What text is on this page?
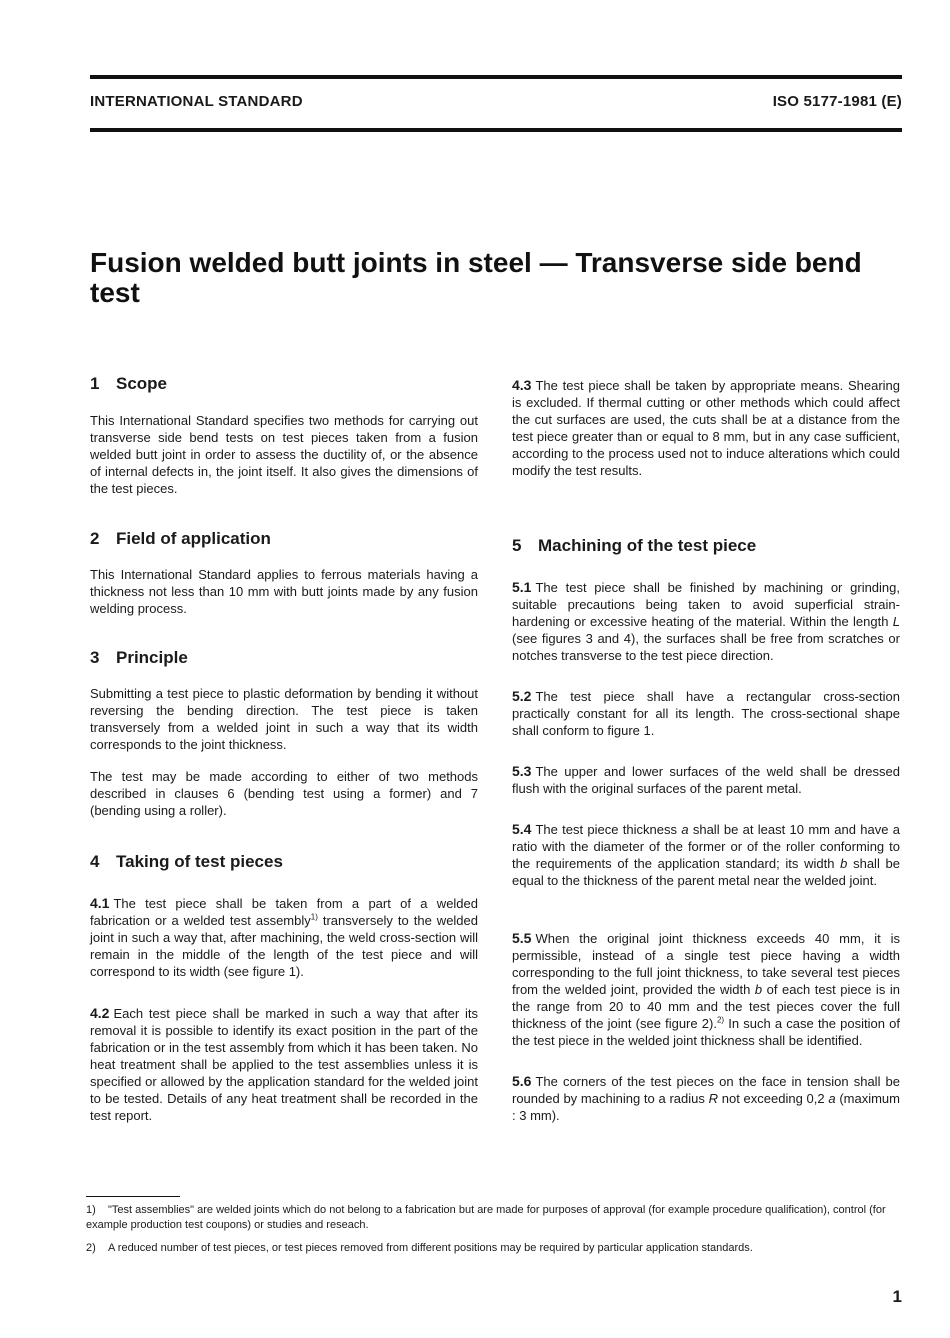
INTERNATIONAL STANDARD	ISO 5177-1981 (E)
Fusion welded butt joints in steel — Transverse side bend test
1 Scope

This International Standard specifies two methods for carrying out transverse side bend tests on test pieces taken from a fusion welded butt joint in order to assess the ductility of, or the absence of internal defects in, the joint itself. It also gives the dimensions of the test pieces.

2 Field of application

This International Standard applies to ferrous materials having a thickness not less than 10 mm with butt joints made by any fusion welding process.

3 Principle

Submitting a test piece to plastic deformation by bending it without reversing the bending direction. The test piece is taken transversely from a welded joint in such a way that its width corresponds to the joint thickness.

The test may be made according to either of two methods described in clauses 6 (bending test using a former) and 7 (bending using a roller).

4 Taking of test pieces

4.1 The test piece shall be taken from a part of a welded fabrication or a welded test assembly$^{1)}$ transversely to the welded joint in such a way that, after machining, the weld cross-section will remain in the middle of the length of the test piece and will correspond to its width (see figure 1).

4.2 Each test piece shall be marked in such a way that after its removal it is possible to identify its exact position in the part of the fabrication or in the test assembly from which it has been taken. No heat treatment shall be applied to the test assemblies unless it is specified or allowed by the application standard for the welded joint to be tested. Details of any heat treatment shall be recorded in the test report.

4.3 The test piece shall be taken by appropriate means. Shearing is excluded. If thermal cutting or other methods which could affect the cut surfaces are used, the cuts shall be at a distance from the test piece greater than or equal to 8 mm, but in any case sufficient, according to the process used not to induce alterations which could modify the test results.

5 Machining of the test piece

5.1 The test piece shall be finished by machining or grinding, suitable precautions being taken to avoid superficial strain-hardening or excessive heating of the material. Within the length L (see figures 3 and 4), the surfaces shall be free from scratches or notches transverse to the test piece direction.

5.2 The test piece shall have a rectangular cross-section practically constant for all its length. The cross-sectional shape shall conform to figure 1.

5.3 The upper and lower surfaces of the weld shall be dressed flush with the original surfaces of the parent metal.

5.4 The test piece thickness a shall be at least 10 mm and have a ratio with the diameter of the former or of the roller conforming to the requirements of the application standard; its width b shall be equal to the thickness of the parent metal near the welded joint.

5.5 When the original joint thickness exceeds 40 mm, it is permissible, instead of a single test piece having a width corresponding to the full joint thickness, to take several test pieces from the welded joint, provided the width b of each test piece is in the range from 20 to 40 mm and the test pieces cover the full thickness of the joint (see figure 2).$^{2)}$ In such a case the position of the test piece in the welded joint thickness shall be identified.

5.6 The corners of the test pieces on the face in tension shall be rounded by machining to a radius R not exceeding 0,2 a (maximum : 3 mm).

1) "Test assemblies" are welded joints which do not belong to a fabrication but are made for purposes of approval (for example procedure qualification), control (for example production test coupons) or studies and reseach.

2) A reduced number of test pieces, or test pieces removed from different positions may be required by particular application standards.

1
